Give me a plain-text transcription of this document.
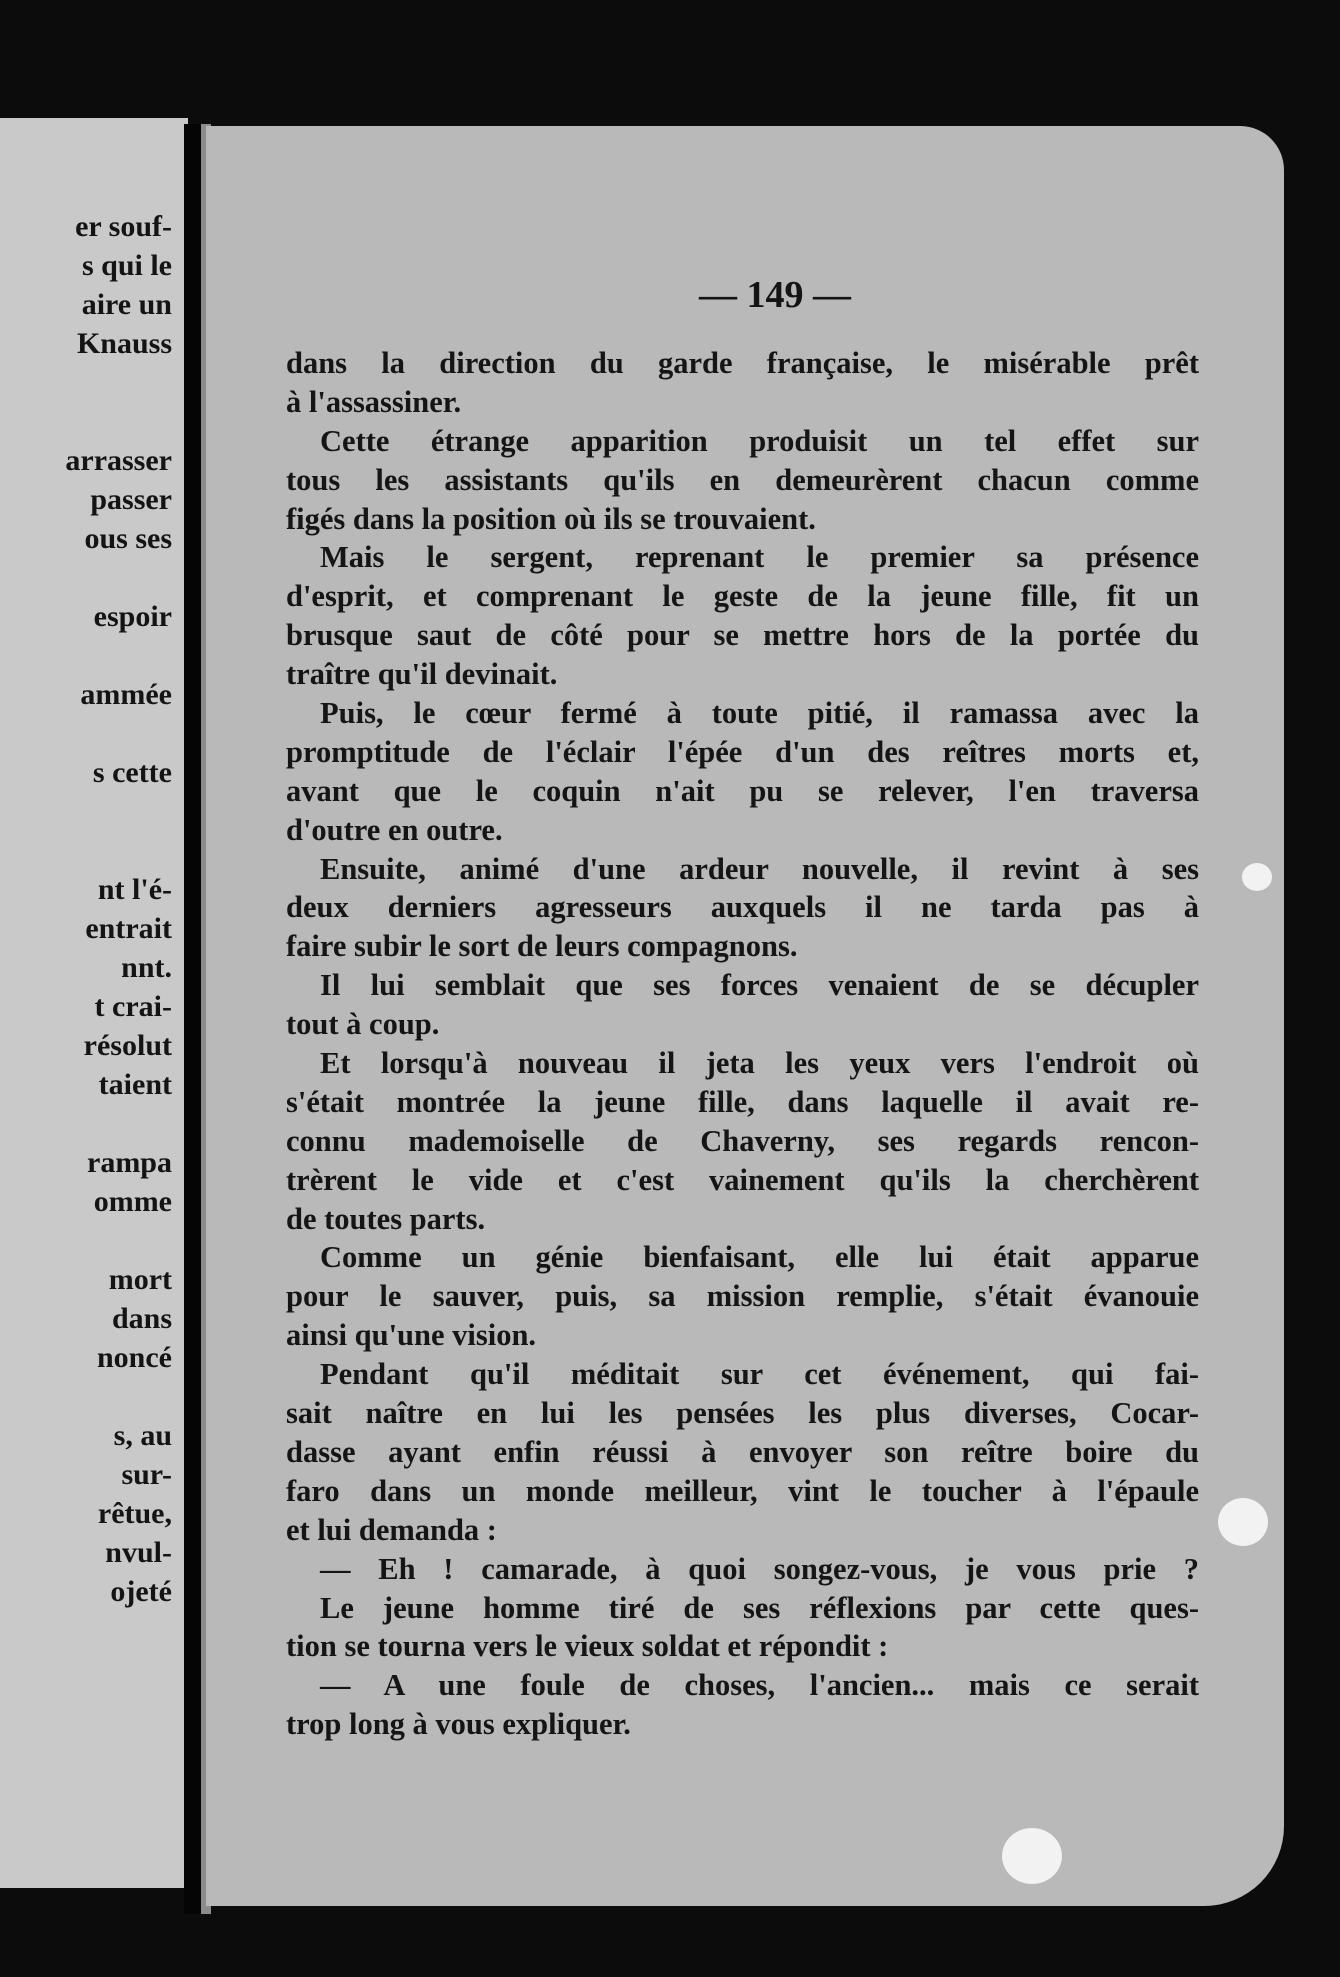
er souf-
s qui le
aire un
Knauss
arrasser
passer
ous ses
espoir
ammée
s cette
nt l'é-
entrait
nnt.
t crai-
résolut
taient
rampa
omme
mort
dans
noncé
s, au
sur-
rêtue,
nvul-
ojeté
— 149 —
dans la direction du garde française, le misérable prêt
à l'assassiner.
Cette étrange apparition produisit un tel effet sur
tous les assistants qu'ils en demeurèrent chacun comme
figés dans la position où ils se trouvaient.
Mais le sergent, reprenant le premier sa présence
d'esprit, et comprenant le geste de la jeune fille, fit un
brusque saut de côté pour se mettre hors de la portée du
traître qu'il devinait.
Puis, le cœur fermé à toute pitié, il ramassa avec la
promptitude de l'éclair l'épée d'un des reîtres morts et,
avant que le coquin n'ait pu se relever, l'en traversa
d'outre en outre.
Ensuite, animé d'une ardeur nouvelle, il revint à ses
deux derniers agresseurs auxquels il ne tarda pas à
faire subir le sort de leurs compagnons.
Il lui semblait que ses forces venaient de se décupler
tout à coup.
Et lorsqu'à nouveau il jeta les yeux vers l'endroit où
s'était montrée la jeune fille, dans laquelle il avait re-
connu mademoiselle de Chaverny, ses regards rencon-
trèrent le vide et c'est vainement qu'ils la cherchèrent
de toutes parts.
Comme un génie bienfaisant, elle lui était apparue
pour le sauver, puis, sa mission remplie, s'était évanouie
ainsi qu'une vision.
Pendant qu'il méditait sur cet événement, qui fai-
sait naître en lui les pensées les plus diverses, Cocar-
dasse ayant enfin réussi à envoyer son reître boire du
faro dans un monde meilleur, vint le toucher à l'épaule
et lui demanda :
— Eh ! camarade, à quoi songez-vous, je vous prie ?
Le jeune homme tiré de ses réflexions par cette ques-
tion se tourna vers le vieux soldat et répondit :
— A une foule de choses, l'ancien... mais ce serait
trop long à vous expliquer.
